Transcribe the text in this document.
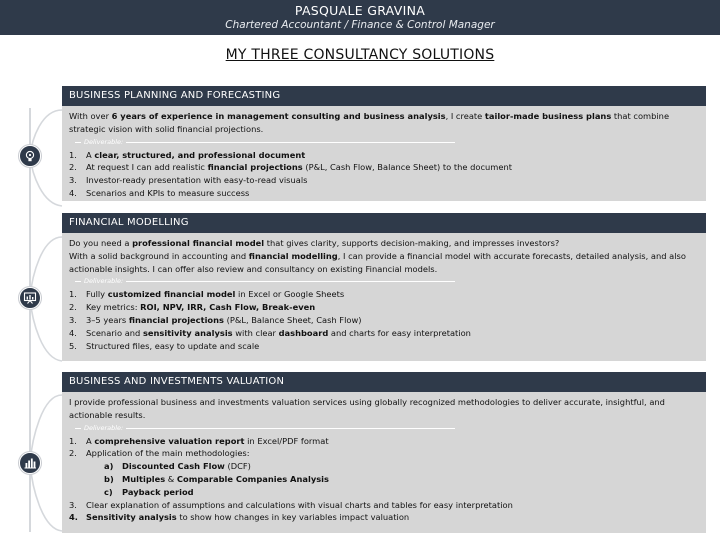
PASQUALE GRAVINA
Chartered Accountant / Finance & Control Manager
MY THREE CONSULTANCY SOLUTIONS
BUSINESS PLANNING AND FORECASTING

With over 6 years of experience in management consulting and business analysis, I create tailor-made business plans that combine strategic vision with solid financial projections.

Deliverable:
1. A clear, structured, and professional document
2. At request I can add realistic financial projections (P&L, Cash Flow, Balance Sheet) to the document
3. Investor-ready presentation with easy-to-read visuals
4. Scenarios and KPIs to measure success
FINANCIAL MODELLING

Do you need a professional financial model that gives clarity, supports decision-making, and impresses investors?

With a solid background in accounting and financial modelling, I can provide a financial model with accurate forecasts, detailed analysis, and also actionable insights. I can offer also review and consultancy on existing Financial models.

Deliverable:
1. Fully customized financial model in Excel or Google Sheets
2. Key metrics: ROI, NPV, IRR, Cash Flow, Break-even
3. 3–5 years financial projections (P&L, Balance Sheet, Cash Flow)
4. Scenario and sensitivity analysis with clear dashboard and charts for easy interpretation
5. Structured files, easy to update and scale
BUSINESS AND INVESTMENTS VALUATION

I provide professional business and investments valuation services using globally recognized methodologies to deliver accurate, insightful, and actionable results.

Deliverable:
1. A comprehensive valuation report in Excel/PDF format
2. Application of the main methodologies:
a) Discounted Cash Flow (DCF)
b) Multiples & Comparable Companies Analysis
c) Payback period
3. Clear explanation of assumptions and calculations with visual charts and tables for easy interpretation
4. Sensitivity analysis to show how changes in key variables impact valuation
